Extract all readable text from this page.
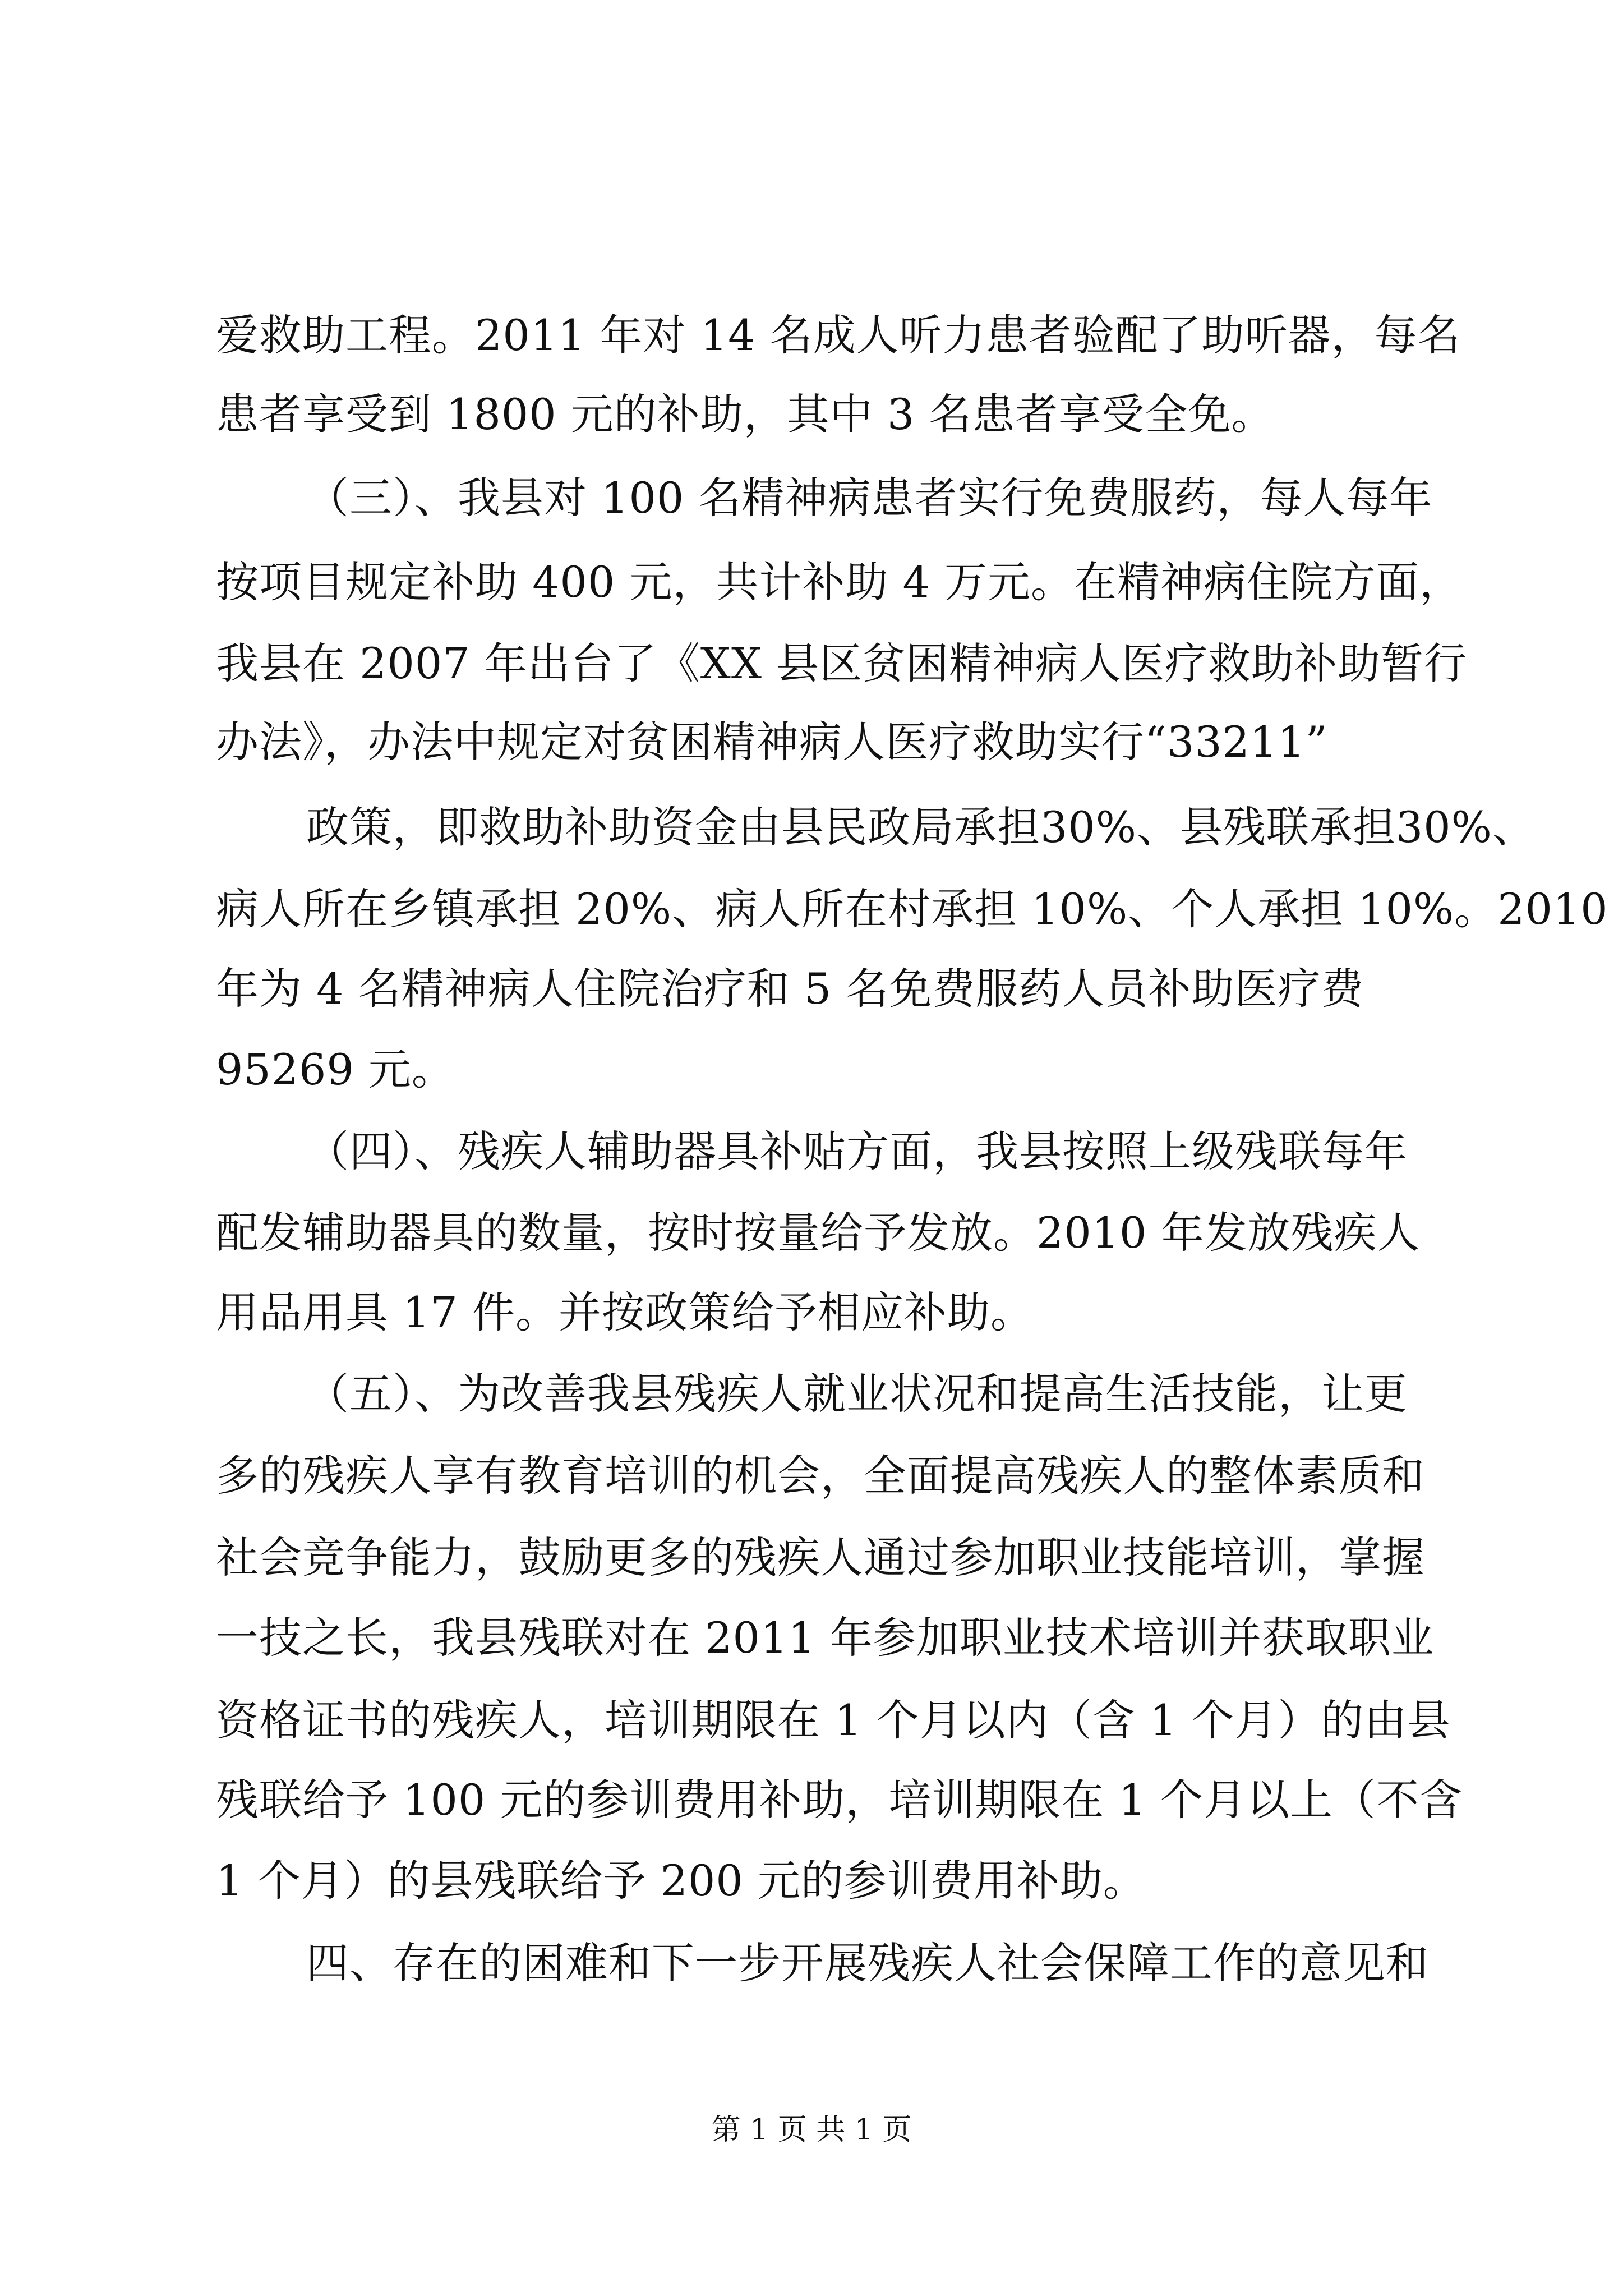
爱救助工程。2011 年对 14 名成人听力患者验配了助听器，每名
患者享受到 1800 元的补助，其中 3 名患者享受全免。
（三）、我县对 100 名精神病患者实行免费服药，每人每年
按项目规定补助 400 元，共计补助 4 万元。在精神病住院方面，
我县在 2007 年出台了《XX 县区贫困精神病人医疗救助补助暂行
办法》，办法中规定对贫困精神病人医疗救助实行“33211”
政策，即救助补助资金由县民政局承担30%、县残联承担30%、
病人所在乡镇承担 20%、病人所在村承担 10%、个人承担 10%。2010
年为 4 名精神病人住院治疗和 5 名免费服药人员补助医疗费
95269 元。
（四）、残疾人辅助器具补贴方面，我县按照上级残联每年
配发辅助器具的数量，按时按量给予发放。2010 年发放残疾人
用品用具 17 件。并按政策给予相应补助。
（五）、为改善我县残疾人就业状况和提高生活技能，让更
多的残疾人享有教育培训的机会，全面提高残疾人的整体素质和
社会竞争能力，鼓励更多的残疾人通过参加职业技能培训，掌握
一技之长，我县残联对在 2011 年参加职业技术培训并获取职业
资格证书的残疾人，培训期限在 1 个月以内（含 1 个月）的由县
残联给予 100 元的参训费用补助，培训期限在 1 个月以上（不含
1 个月）的县残联给予 200 元的参训费用补助。
四、存在的困难和下一步开展残疾人社会保障工作的意见和
第 1 页 共 1 页
